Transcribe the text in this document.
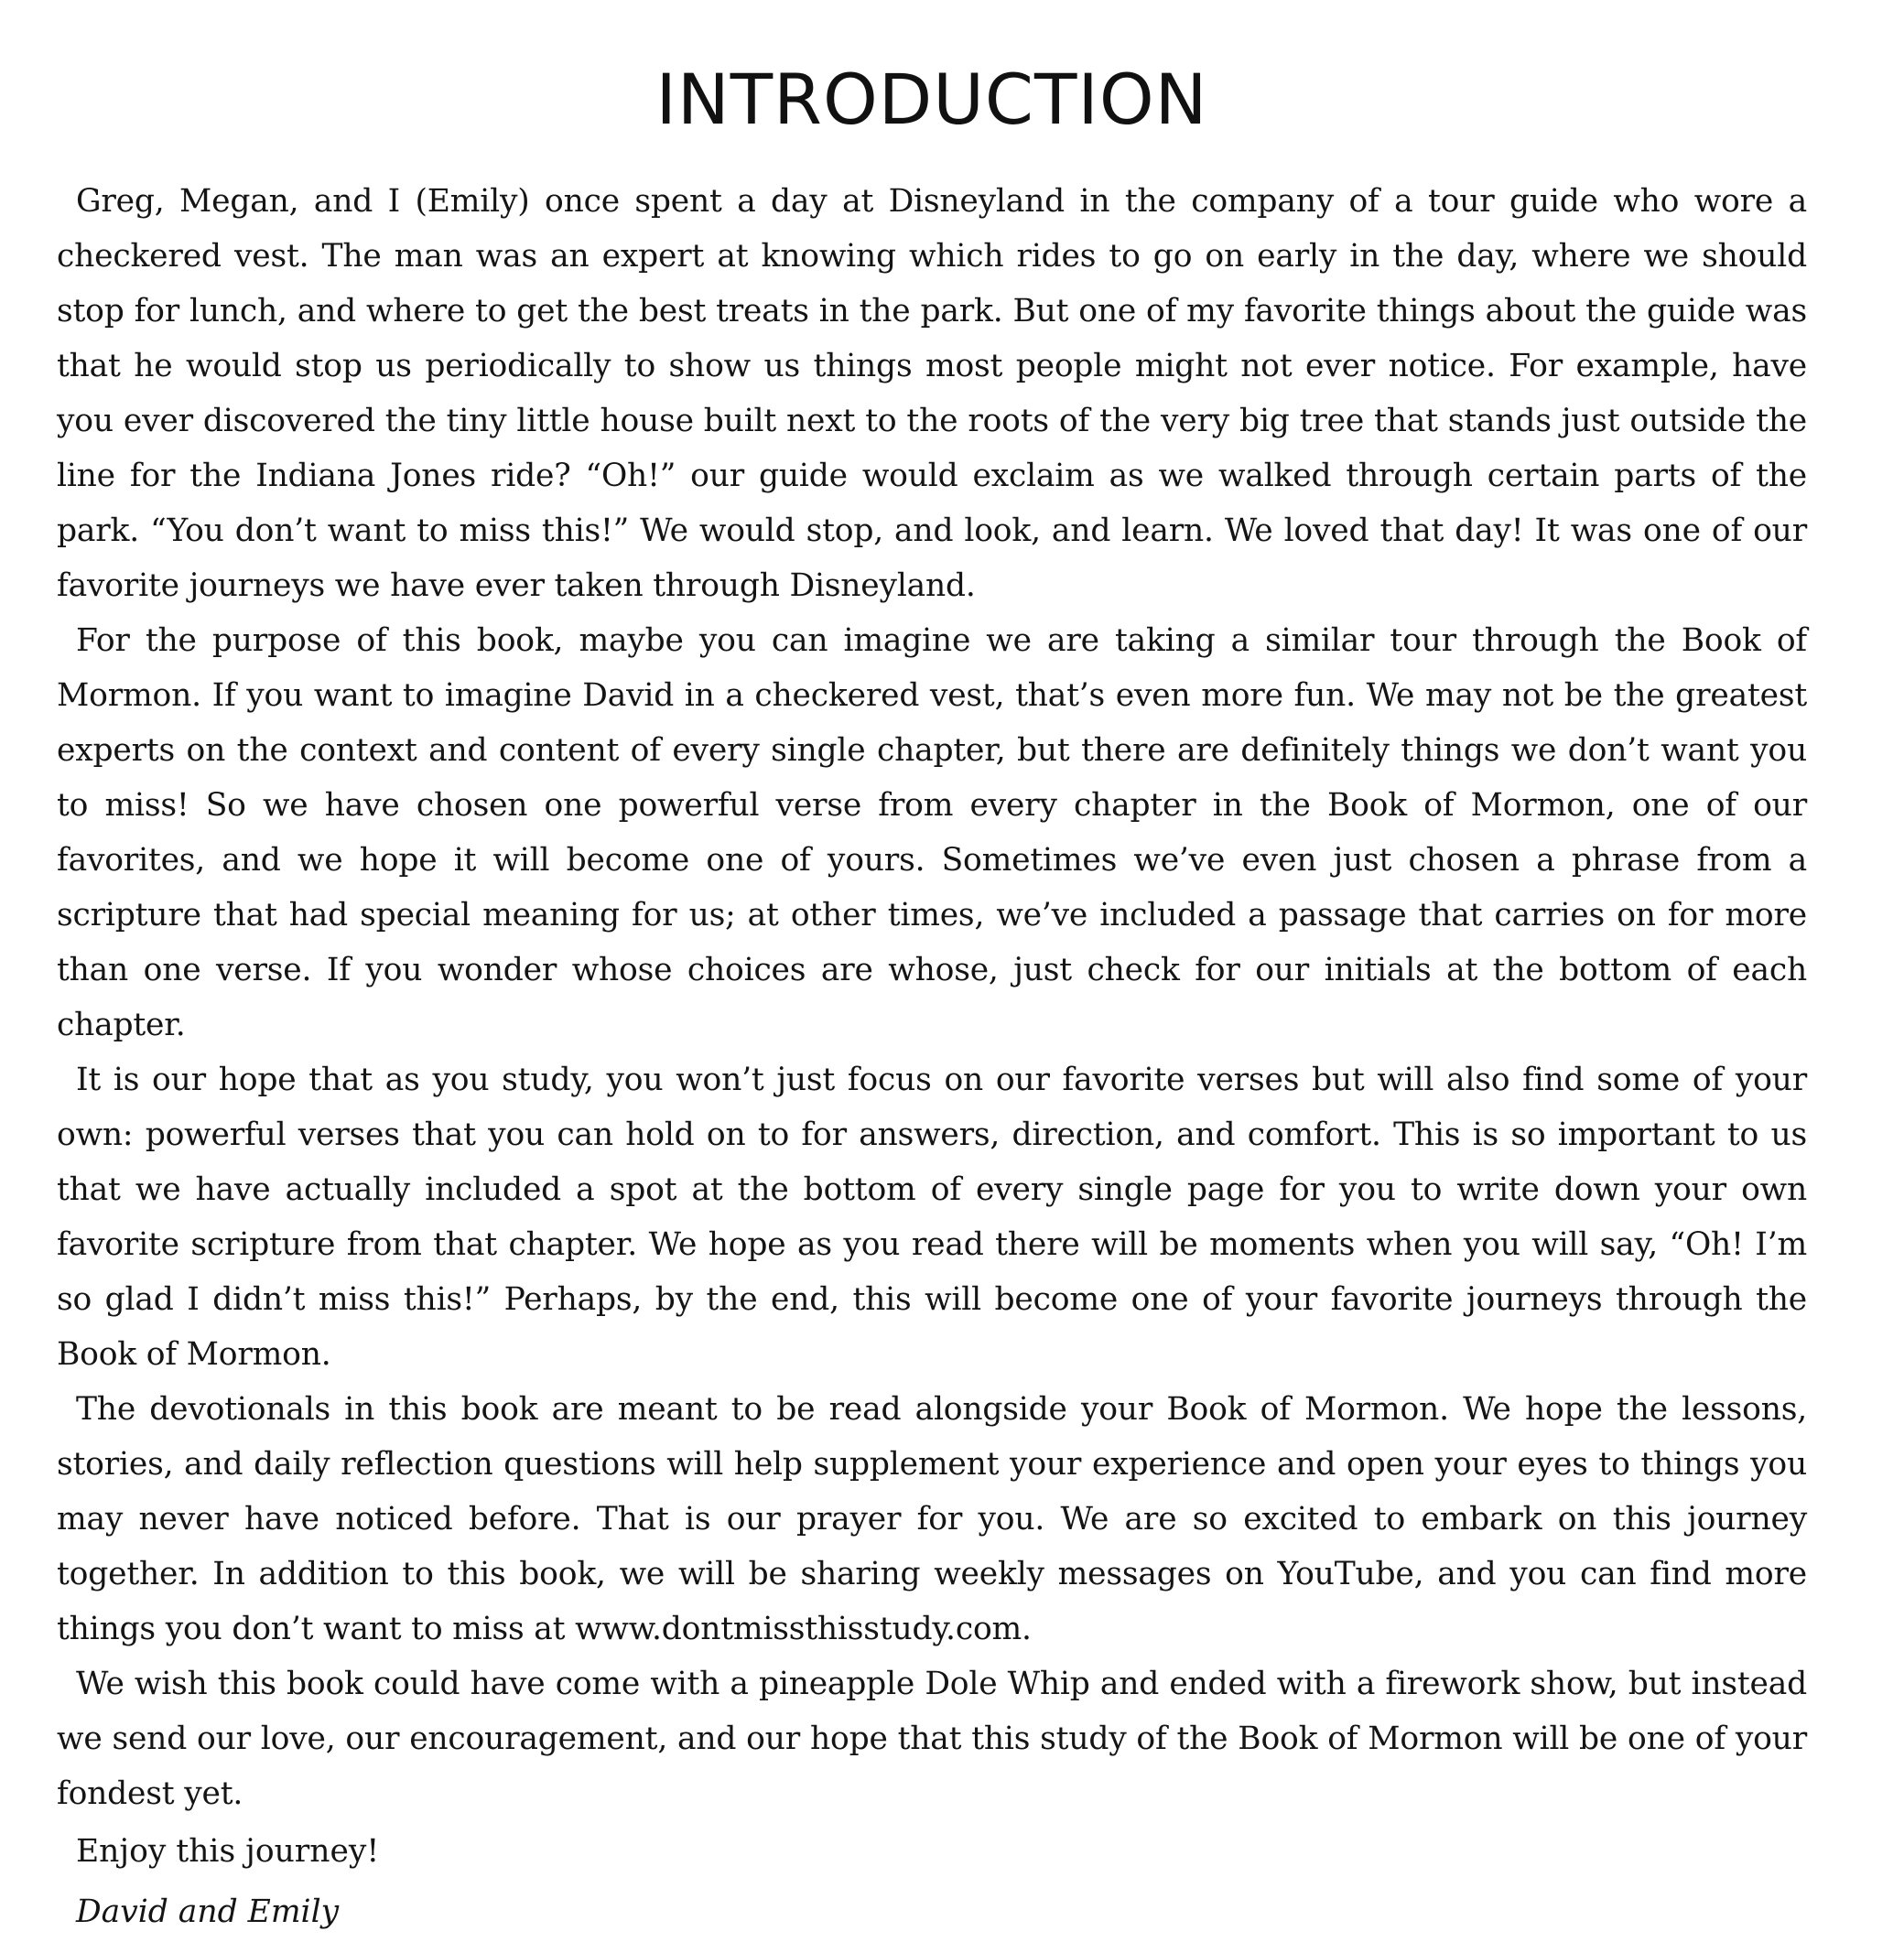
INTRODUCTION

Greg, Megan, and I (Emily) once spent a day at Disneyland in the company of a tour guide who wore a checkered vest. The man was an expert at knowing which rides to go on early in the day, where we should stop for lunch, and where to get the best treats in the park. But one of my favorite things about the guide was that he would stop us periodically to show us things most people might not ever notice. For example, have you ever discovered the tiny little house built next to the roots of the very big tree that stands just outside the line for the Indiana Jones ride? “Oh!” our guide would exclaim as we walked through certain parts of the park. “You don’t want to miss this!” We would stop, and look, and learn. We loved that day! It was one of our favorite journeys we have ever taken through Disneyland.

For the purpose of this book, maybe you can imagine we are taking a similar tour through the Book of Mormon. If you want to imagine David in a checkered vest, that’s even more fun. We may not be the greatest experts on the context and content of every single chapter, but there are definitely things we don’t want you to miss! So we have chosen one powerful verse from every chapter in the Book of Mormon, one of our favorites, and we hope it will become one of yours. Sometimes we’ve even just chosen a phrase from a scripture that had special meaning for us; at other times, we’ve included a passage that carries on for more than one verse. If you wonder whose choices are whose, just check for our initials at the bottom of each chapter.

It is our hope that as you study, you won’t just focus on our favorite verses but will also find some of your own: powerful verses that you can hold on to for answers, direction, and comfort. This is so important to us that we have actually included a spot at the bottom of every single page for you to write down your own favorite scripture from that chapter. We hope as you read there will be moments when you will say, “Oh! I’m so glad I didn’t miss this!” Perhaps, by the end, this will become one of your favorite journeys through the Book of Mormon.

The devotionals in this book are meant to be read alongside your Book of Mormon. We hope the lessons, stories, and daily reflection questions will help supplement your experience and open your eyes to things you may never have noticed before. That is our prayer for you. We are so excited to embark on this journey together. In addition to this book, we will be sharing weekly messages on YouTube, and you can find more things you don’t want to miss at www.dontmissthisstudy.com.

We wish this book could have come with a pineapple Dole Whip and ended with a firework show, but instead we send our love, our encouragement, and our hope that this study of the Book of Mormon will be one of your fondest yet.

Enjoy this journey!

David and Emily
